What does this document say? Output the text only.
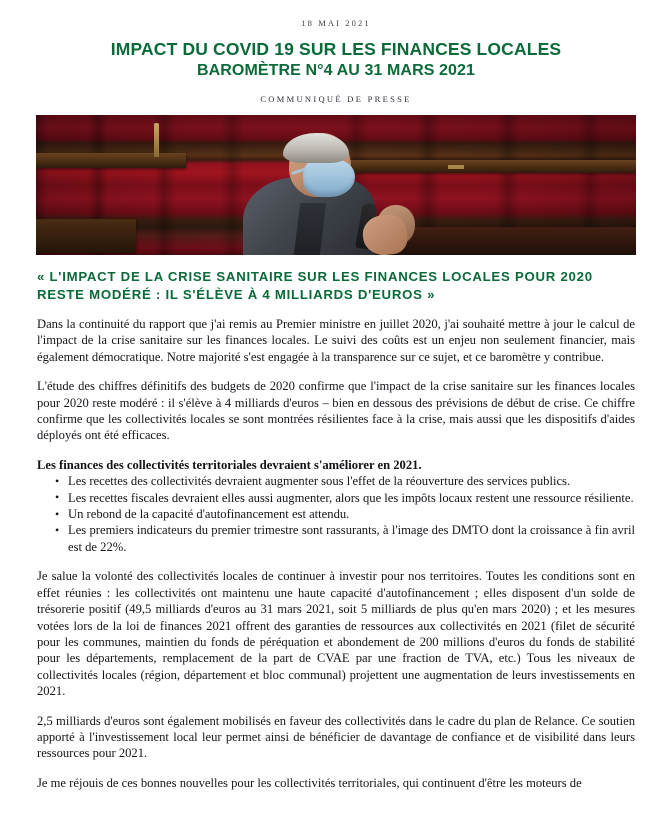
18 MAI 2021
IMPACT DU COVID 19 SUR LES FINANCES LOCALES
BAROMÈTRE N°4 AU 31 MARS 2021
COMMUNIQUÉ DE PRESSE
« L'IMPACT DE LA CRISE SANITAIRE SUR LES FINANCES LOCALES POUR 2020 RESTE MODÉRÉ : IL S'ÉLÈVE À 4 MILLIARDS D'EUROS »

Dans la continuité du rapport que j'ai remis au Premier ministre en juillet 2020, j'ai souhaité mettre à jour le calcul de l'impact de la crise sanitaire sur les finances locales. Le suivi des coûts est un enjeu non seulement financier, mais également démocratique. Notre majorité s'est engagée à la transparence sur ce sujet, et ce baromètre y contribue.

L'étude des chiffres définitifs des budgets de 2020 confirme que l'impact de la crise sanitaire sur les finances locales pour 2020 reste modéré : il s'élève à 4 milliards d'euros – bien en dessous des prévisions de début de crise. Ce chiffre confirme que les collectivités locales se sont montrées résilientes face à la crise, mais aussi que les dispositifs d'aides déployés ont été efficaces.

Les finances des collectivités territoriales devraient s'améliorer en 2021.

• Les recettes des collectivités devraient augmenter sous l'effet de la réouverture des services publics.
• Les recettes fiscales devraient elles aussi augmenter, alors que les impôts locaux restent une ressource résiliente.
• Un rebond de la capacité d'autofinancement est attendu.
• Les premiers indicateurs du premier trimestre sont rassurants, à l'image des DMTO dont la croissance à fin avril est de 22%.

Je salue la volonté des collectivités locales de continuer à investir pour nos territoires. Toutes les conditions sont en effet réunies : les collectivités ont maintenu une haute capacité d'autofinancement ; elles disposent d'un solde de trésorerie positif (49,5 milliards d'euros au 31 mars 2021, soit 5 milliards de plus qu'en mars 2020) ; et les mesures votées lors de la loi de finances 2021 offrent des garanties de ressources aux collectivités en 2021 (filet de sécurité pour les communes, maintien du fonds de péréquation et abondement de 200 millions d'euros du fonds de stabilité pour les départements, remplacement de la part de CVAE par une fraction de TVA, etc.) Tous les niveaux de collectivités locales (région, département et bloc communal) projettent une augmentation de leurs investissements en 2021.

2,5 milliards d'euros sont également mobilisés en faveur des collectivités dans le cadre du plan de Relance. Ce soutien apporté à l'investissement local leur permet ainsi de bénéficier de davantage de confiance et de visibilité dans leurs ressources pour 2021.

Je me réjouis de ces bonnes nouvelles pour les collectivités territoriales, qui continuent d'être les moteurs de
